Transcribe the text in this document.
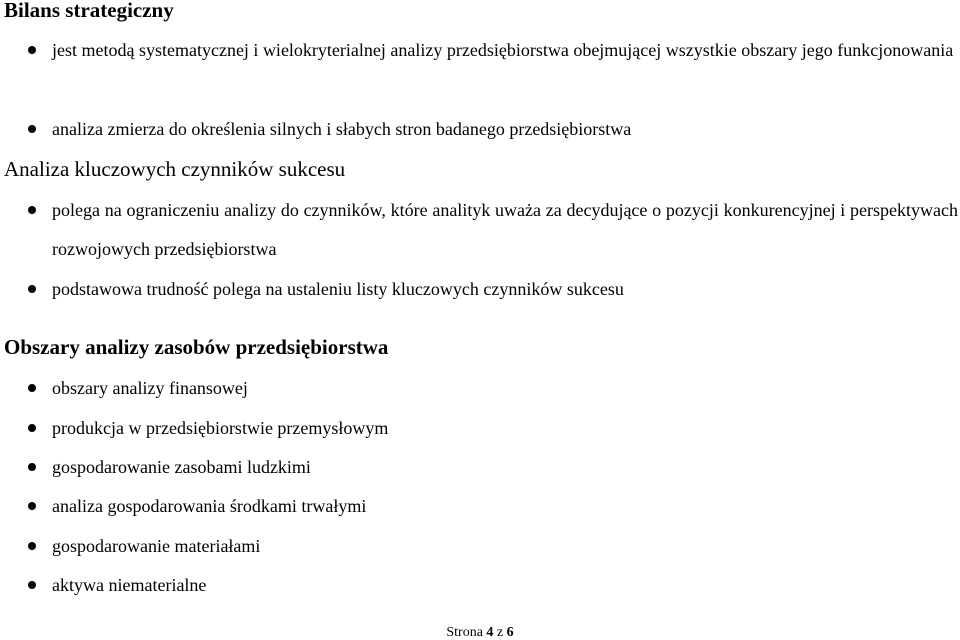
Bilans strategiczny
jest metodą systematycznej i wielokryterialnej analizy przedsiębiorstwa obejmującej wszystkie obszary jego funkcjonowania
analiza zmierza do określenia silnych i słabych stron badanego przedsiębiorstwa
Analiza kluczowych czynników sukcesu
polega na ograniczeniu analizy do czynników, które analityk uważa za decydujące o pozycji konkurencyjnej i perspektywach rozwojowych przedsiębiorstwa
podstawowa trudność polega na ustaleniu listy kluczowych czynników sukcesu
Obszary analizy zasobów przedsiębiorstwa
obszary analizy finansowej
produkcja w przedsiębiorstwie przemysłowym
gospodarowanie zasobami ludzkimi
analiza gospodarowania środkami trwałymi
gospodarowanie materiałami
aktywa niematerialne
Strona 4 z 6
